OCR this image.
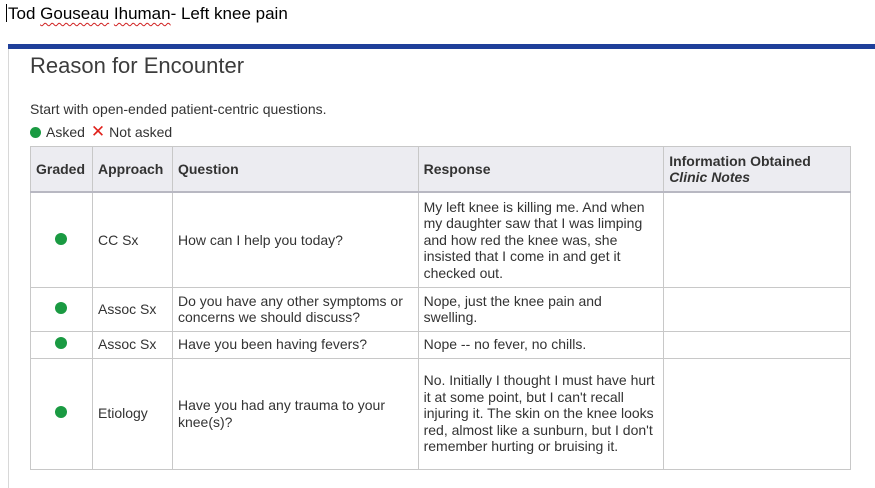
Tod Gouseau Ihuman- Left knee pain
Reason for Encounter
Start with open-ended patient-centric questions.
Asked ✕ Not asked
Graded	Approach	Question	Response	Information Obtained
Clinic Notes

	CC Sx	How can I help you today?	My left knee is killing me. And when my daughter saw that I was limping and how red the knee was, she insisted that I come in and get it checked out.	
	Assoc Sx	Do you have any other symptoms or concerns we should discuss?	Nope, just the knee pain and swelling.	
	Assoc Sx	Have you been having fevers?	Nope -- no fever, no chills.	
	Etiology	Have you had any trauma to your knee(s)?	No. Initially I thought I must have hurt it at some point, but I can't recall injuring it. The skin on the knee looks red, almost like a sunburn, but I don't remember hurting or bruising it.	
